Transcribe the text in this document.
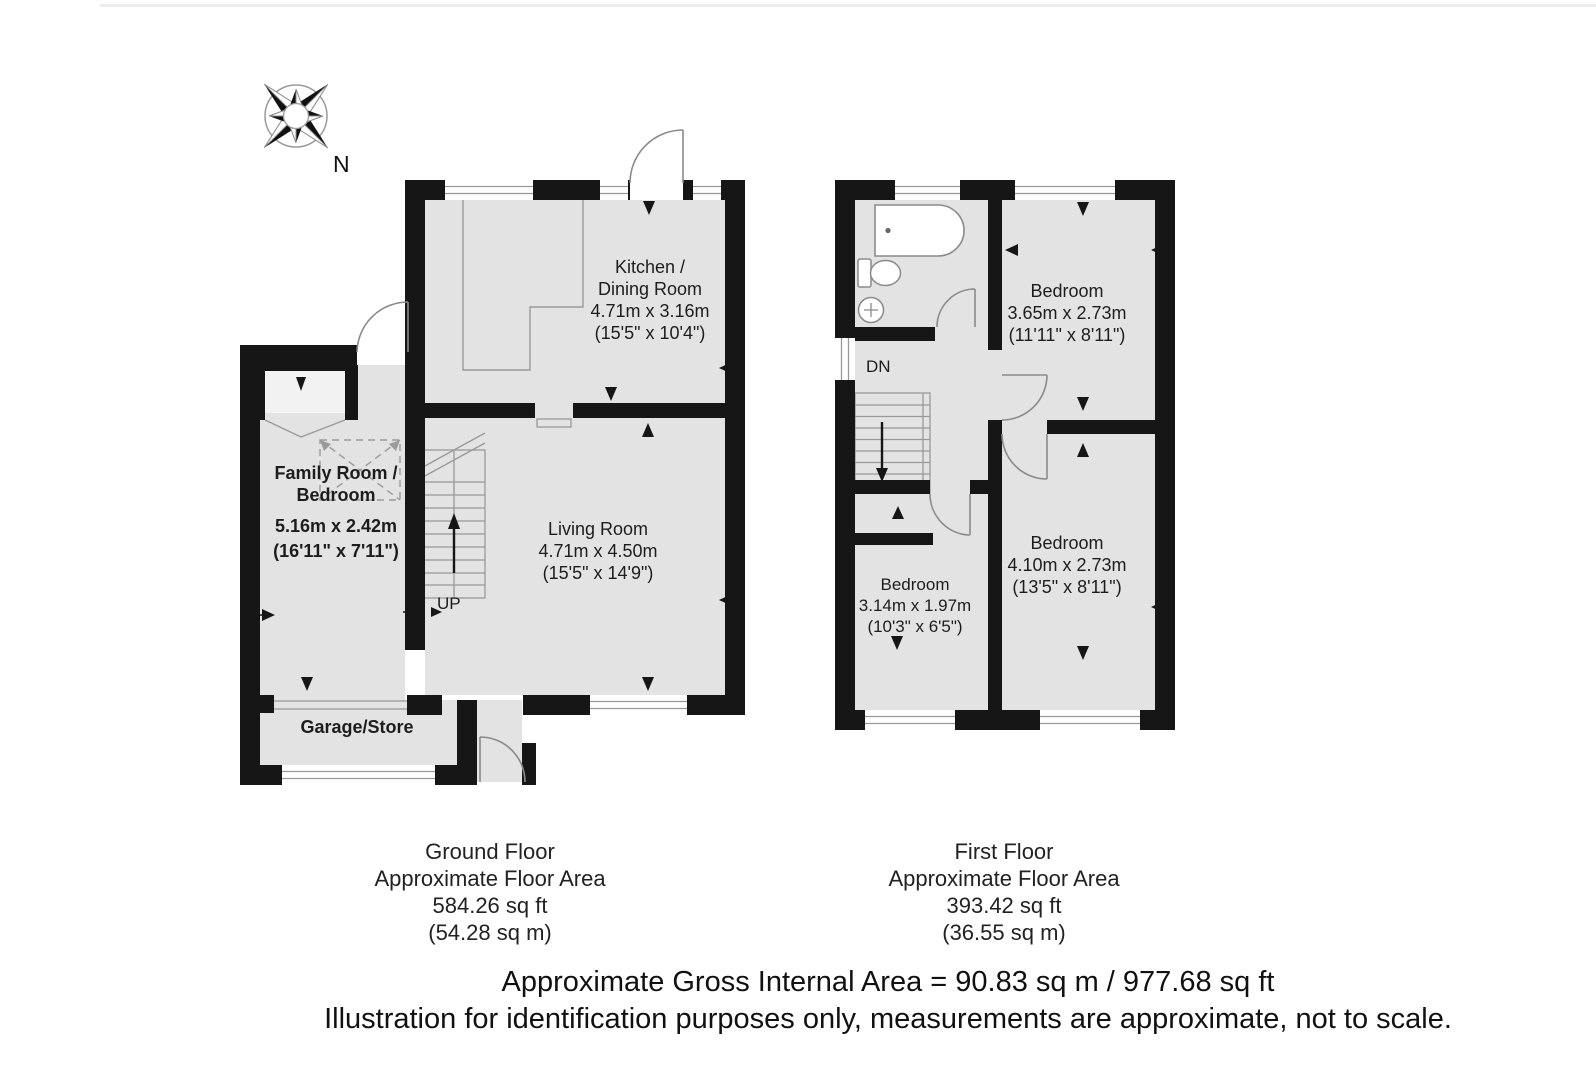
N
Kitchen /
Dining Room
4.71m x 3.16m
(15'5" x 10'4")
Living Room
4.71m x 4.50m
(15'5" x 14'9")
Family Room /
Bedroom
5.16m x 2.42m
(16'11" x 7'11")
Garage/Store
UP
Bedroom
3.65m x 2.73m
(11'11" x 8'11")
Bedroom
4.10m x 2.73m
(13'5" x 8'11")
Bedroom
3.14m x 1.97m
(10'3" x 6'5")
DN
Ground Floor
Approximate Floor Area
584.26 sq ft
(54.28 sq m)
First Floor
Approximate Floor Area
393.42 sq ft
(36.55 sq m)
Approximate Gross Internal Area = 90.83 sq m / 977.68 sq ft
Illustration for identification purposes only, measurements are approximate, not to scale.
